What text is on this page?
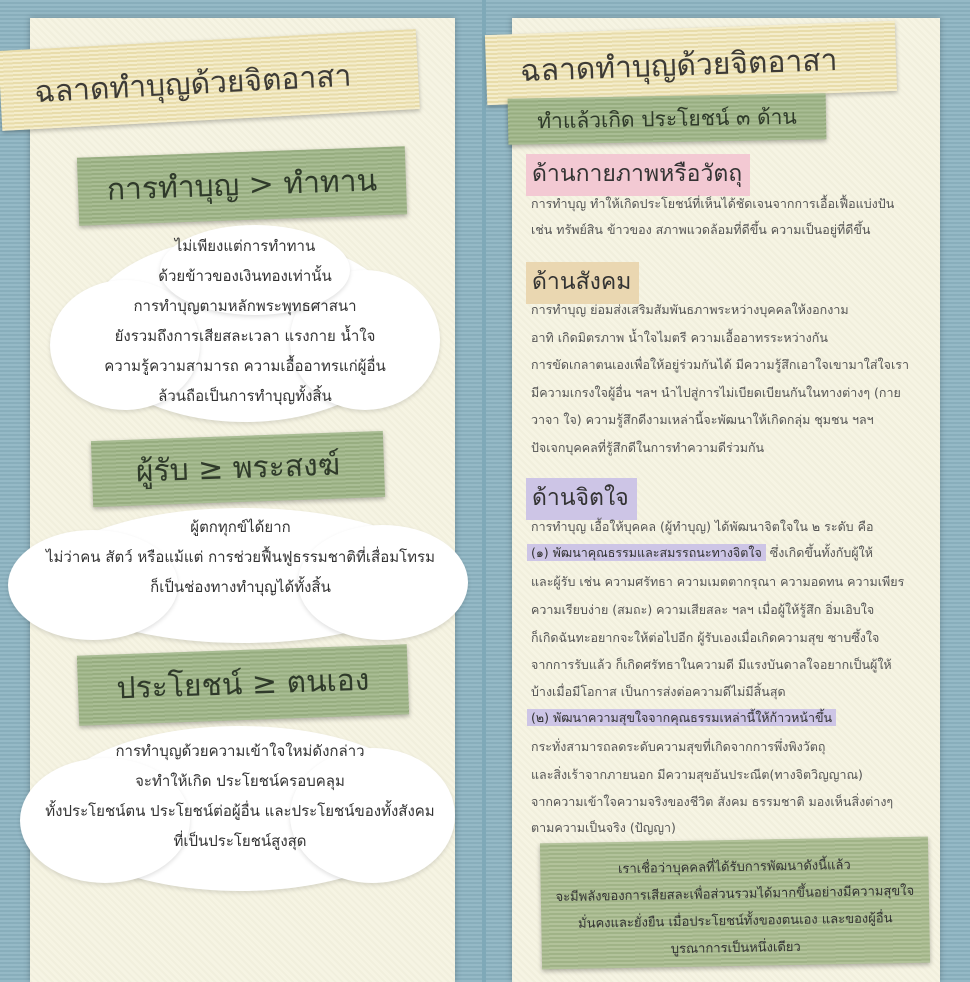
ฉลาดทำบุญด้วยจิตอาสา
การทำบุญ > ทำทาน
ไม่เพียงแต่การทำทาน
ด้วยข้าวของเงินทองเท่านั้น
การทำบุญตามหลักพระพุทธศาสนา
ยังรวมถึงการเสียสละเวลา แรงกาย น้ำใจ
ความรู้ความสามารถ ความเอื้ออาทรแก่ผู้อื่น
ล้วนถือเป็นการทำบุญทั้งสิ้น
ผู้รับ ≥ พระสงฆ์
ผู้ตกทุกข์ได้ยาก
ไม่ว่าคน สัตว์ หรือแม้แต่ การช่วยฟื้นฟูธรรมชาติที่เสื่อมโทรม
ก็เป็นช่องทางทำบุญได้ทั้งสิ้น
ประโยชน์ ≥ ตนเอง
การทำบุญด้วยความเข้าใจใหม่ดังกล่าว
จะทำให้เกิด ประโยชน์ครอบคลุม
ทั้งประโยชน์ตน ประโยชน์ต่อผู้อื่น และประโยชน์ของทั้งสังคม
ที่เป็นประโยชน์สูงสุด
ฉลาดทำบุญด้วยจิตอาสา
ทำแล้วเกิด ประโยชน์ ๓ ด้าน
ด้านกายภาพหรือวัตถุ
การทำบุญ ทำให้เกิดประโยชน์ที่เห็นได้ชัดเจนจากการเอื้อเฟื้อแบ่งปัน
เช่น ทรัพย์สิน ข้าวของ สภาพแวดล้อมที่ดีขึ้น ความเป็นอยู่ที่ดีขึ้น
ด้านสังคม
การทำบุญ ย่อมส่งเสริมสัมพันธภาพระหว่างบุคคลให้งอกงาม
อาทิ เกิดมิตรภาพ น้ำใจไมตรี ความเอื้ออาทรระหว่างกัน
การขัดเกลาตนเองเพื่อให้อยู่ร่วมกันได้ มีความรู้สึกเอาใจเขามาใส่ใจเรา
มีความเกรงใจผู้อื่น ฯลฯ นำไปสู่การไม่เบียดเบียนกันในทางต่างๆ (กาย
วาจา ใจ) ความรู้สึกดีงามเหล่านี้จะพัฒนาให้เกิดกลุ่ม ชุมชน ฯลฯ
ปัจเจกบุคคลที่รู้สึกดีในการทำความดีร่วมกัน
ด้านจิตใจ
การทำบุญ เอื้อให้บุคคล (ผู้ทำบุญ) ได้พัฒนาจิตใจใน ๒ ระดับ คือ
(๑) พัฒนาคุณธรรมและสมรรถนะทางจิตใจ ซึ่งเกิดขึ้นทั้งกับผู้ให้
และผู้รับ เช่น ความศรัทธา ความเมตตากรุณา ความอดทน ความเพียร
ความเรียบง่าย (สมถะ) ความเสียสละ ฯลฯ เมื่อผู้ให้รู้สึก อิ่มเอิบใจ
ก็เกิดฉันทะอยากจะให้ต่อไปอีก ผู้รับเองเมื่อเกิดความสุข ซาบซึ้งใจ
จากการรับแล้ว ก็เกิดศรัทธาในความดี มีแรงบันดาลใจอยากเป็นผู้ให้
บ้างเมื่อมีโอกาส เป็นการส่งต่อความดีไม่มีสิ้นสุด
(๒) พัฒนาความสุขใจจากคุณธรรมเหล่านี้ให้ก้าวหน้าขึ้น
กระทั่งสามารถลดระดับความสุขที่เกิดจากการพึ่งพิงวัตถุ
และสิ่งเร้าจากภายนอก มีความสุขอันประณีต(ทางจิตวิญญาณ)
จากความเข้าใจความจริงของชีวิต สังคม ธรรมชาติ มองเห็นสิ่งต่างๆ
ตามความเป็นจริง (ปัญญา)
เราเชื่อว่าบุคคลที่ได้รับการพัฒนาดังนี้แล้ว
จะมีพลังของการเสียสละเพื่อส่วนรวมได้มากขึ้นอย่างมีความสุขใจ
มั่นคงและยั่งยืน เมื่อประโยชน์ทั้งของตนเอง และของผู้อื่น
บูรณาการเป็นหนึ่งเดียว
